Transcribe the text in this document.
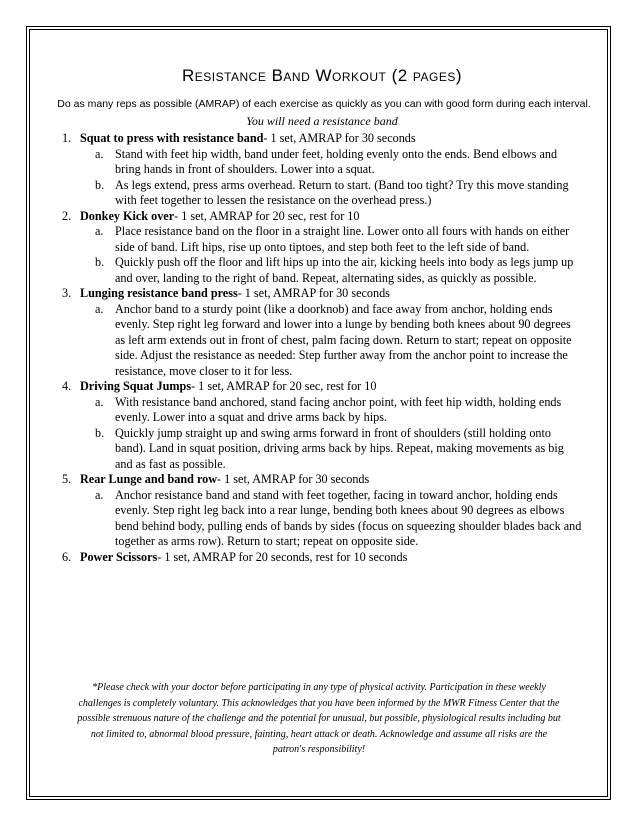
Resistance Band Workout (2 pages)
Do as many reps as possible (AMRAP) of each exercise as quickly as you can with good form during each interval.
You will need a resistance band
1. Squat to press with resistance band- 1 set, AMRAP for 30 seconds
a. Stand with feet hip width, band under feet, holding evenly onto the ends. Bend elbows and bring hands in front of shoulders. Lower into a squat.
b. As legs extend, press arms overhead. Return to start. (Band too tight? Try this move standing with feet together to lessen the resistance on the overhead press.)
2. Donkey Kick over- 1 set, AMRAP for 20 sec, rest for 10
a. Place resistance band on the floor in a straight line. Lower onto all fours with hands on either side of band. Lift hips, rise up onto tiptoes, and step both feet to the left side of band.
b. Quickly push off the floor and lift hips up into the air, kicking heels into body as legs jump up and over, landing to the right of band. Repeat, alternating sides, as quickly as possible.
3. Lunging resistance band press- 1 set, AMRAP for 30 seconds
a. Anchor band to a sturdy point (like a doorknob) and face away from anchor, holding ends evenly. Step right leg forward and lower into a lunge by bending both knees about 90 degrees as left arm extends out in front of chest, palm facing down. Return to start; repeat on opposite side. Adjust the resistance as needed: Step further away from the anchor point to increase the resistance, move closer to it for less.
4. Driving Squat Jumps- 1 set, AMRAP for 20 sec, rest for 10
a. With resistance band anchored, stand facing anchor point, with feet hip width, holding ends evenly. Lower into a squat and drive arms back by hips.
b. Quickly jump straight up and swing arms forward in front of shoulders (still holding onto band). Land in squat position, driving arms back by hips. Repeat, making movements as big and as fast as possible.
5. Rear Lunge and band row- 1 set, AMRAP for 30 seconds
a. Anchor resistance band and stand with feet together, facing in toward anchor, holding ends evenly. Step right leg back into a rear lunge, bending both knees about 90 degrees as elbows bend behind body, pulling ends of bands by sides (focus on squeezing shoulder blades back and together as arms row). Return to start; repeat on opposite side.
6. Power Scissors- 1 set, AMRAP for 20 seconds, rest for 10 seconds
*Please check with your doctor before participating in any type of physical activity. Participation in these weekly challenges is completely voluntary. This acknowledges that you have been informed by the MWR Fitness Center that the possible strenuous nature of the challenge and the potential for unusual, but possible, physiological results including but not limited to, abnormal blood pressure, fainting, heart attack or death. Acknowledge and assume all risks are the patron's responsibility!
